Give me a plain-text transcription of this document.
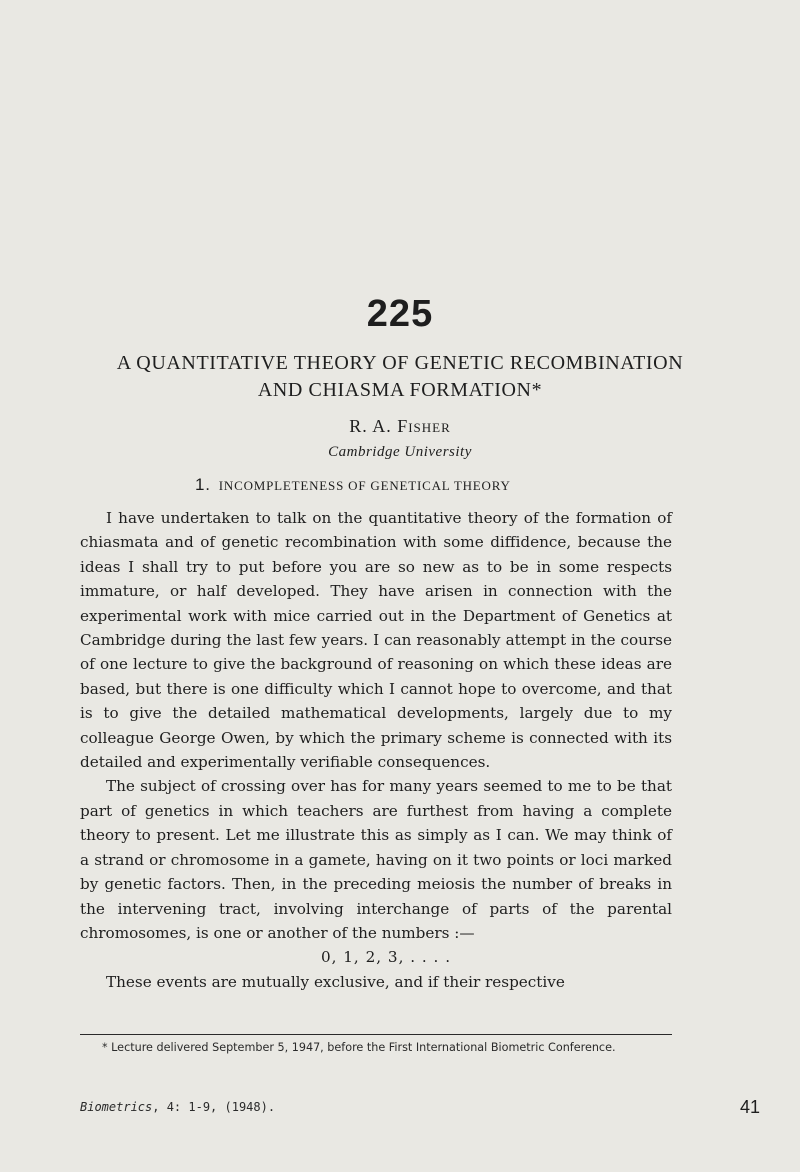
225
A QUANTITATIVE THEORY OF GENETIC RECOMBINATION
AND CHIASMA FORMATION*
R. A. Fisher
Cambridge University
1. INCOMPLETENESS OF GENETICAL THEORY

I have undertaken to talk on the quantitative theory of the formation of chiasmata and of genetic recombination with some diffidence, because the ideas I shall try to put before you are so new as to be in some respects immature, or half developed. They have arisen in connection with the experimental work with mice carried out in the Department of Genetics at Cambridge during the last few years. I can reasonably attempt in the course of one lecture to give the background of reasoning on which these ideas are based, but there is one difficulty which I cannot hope to overcome, and that is to give the detailed mathematical developments, largely due to my colleague George Owen, by which the primary scheme is connected with its detailed and experimentally verifiable consequences.

The subject of crossing over has for many years seemed to me to be that part of genetics in which teachers are furthest from having a complete theory to present. Let me illustrate this as simply as I can. We may think of a strand or chromosome in a gamete, having on it two points or loci marked by genetic factors. Then, in the preceding meiosis the number of breaks in the intervening tract, involving interchange of parts of the parental chromosomes, is one or another of the numbers :—

0, 1, 2, 3, . . . .

These events are mutually exclusive, and if their respective

* Lecture delivered September 5, 1947, before the First International Biometric Conference.
Biometrics, 4: 1-9, (1948).	41
